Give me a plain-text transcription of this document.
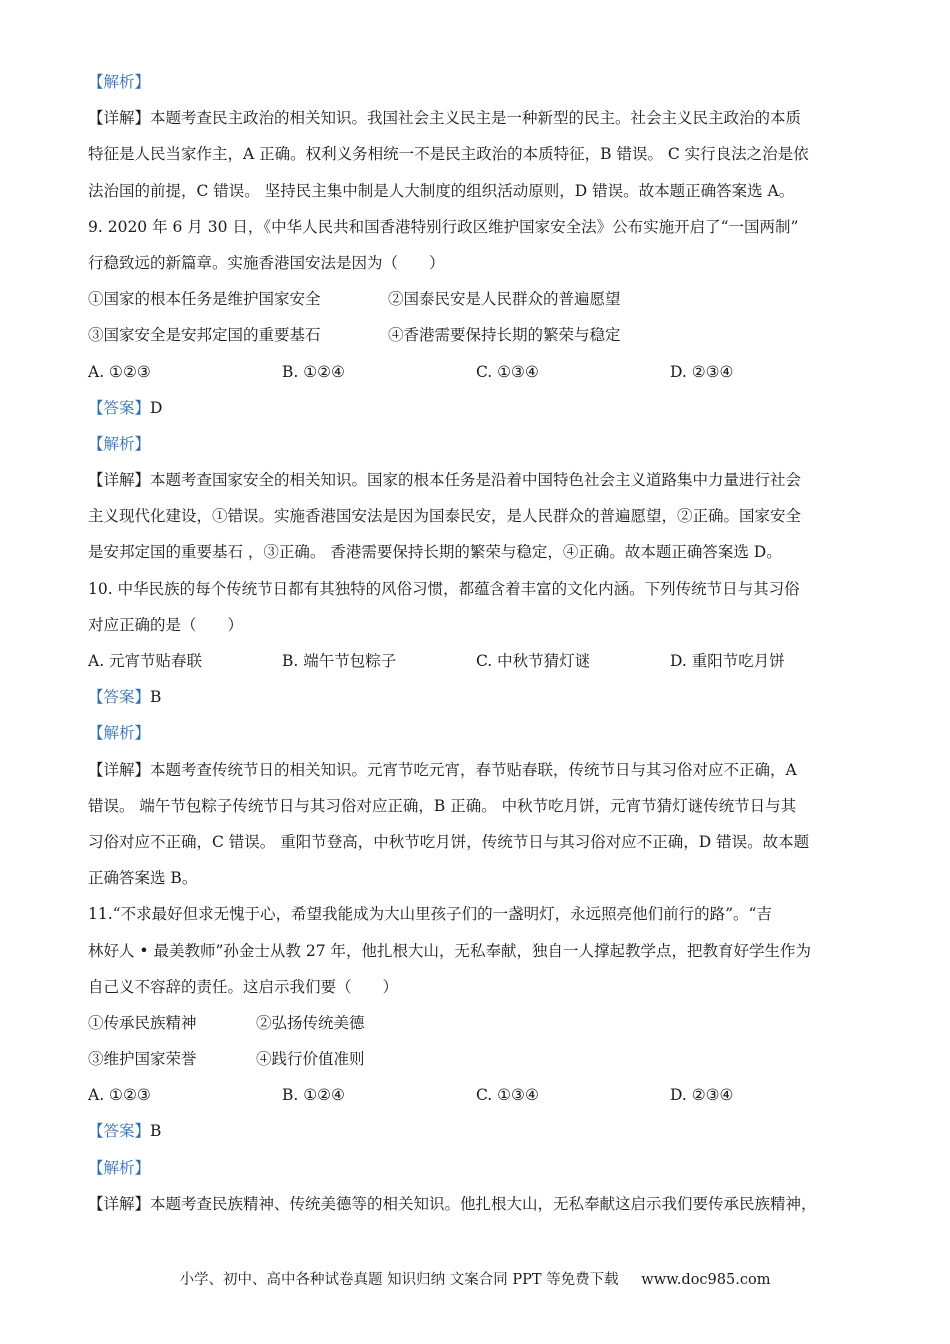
【解析】
【详解】本题考查民主政治的相关知识。我国社会主义民主是一种新型的民主。社会主义民主政治的本质
特征是人民当家作主，A 正确。权利义务相统一不是民主政治的本质特征，B 错误。 C 实行良法之治是依
法治国的前提，C 错误。 坚持民主集中制是人大制度的组织活动原则，D 错误。故本题正确答案选 A。
9. 2020 年 6 月 30 日，《中华人民共和国香港特别行政区维护国家安全法》公布实施开启了“一国两制”
行稳致远的新篇章。实施香港国安法是因为（　　）
①国家的根本任务是维护国家安全	②国泰民安是人民群众的普遍愿望
③国家安全是安邦定国的重要基石	④香港需要保持长期的繁荣与稳定
A. ①②③	B. ①②④	C. ①③④	D. ②③④
【答案】D
【解析】
【详解】本题考查国家安全的相关知识。国家的根本任务是沿着中国特色社会主义道路集中力量进行社会
主义现代化建设，①错误。实施香港国安法是因为国泰民安，是人民群众的普遍愿望，②正确。国家安全
是安邦定国的重要基石 ，③正确。 香港需要保持长期的繁荣与稳定，④正确。故本题正确答案选 D。
10. 中华民族的每个传统节日都有其独特的风俗习惯，都蕴含着丰富的文化内涵。下列传统节日与其习俗
对应正确的是（　　）
A. 元宵节贴春联	B. 端午节包粽子	C. 中秋节猜灯谜	D. 重阳节吃月饼
【答案】B
【解析】
【详解】本题考查传统节日的相关知识。元宵节吃元宵，春节贴春联，传统节日与其习俗对应不正确，A
错误。 端午节包粽子传统节日与其习俗对应正确，B 正确。 中秋节吃月饼，元宵节猜灯谜传统节日与其
习俗对应不正确，C 错误。 重阳节登高，中秋节吃月饼，传统节日与其习俗对应不正确，D 错误。故本题
正确答案选 B。
11.“不求最好但求无愧于心，希望我能成为大山里孩子们的一盏明灯，永远照亮他们前行的路”。“吉
林好人 • 最美教师”孙金士从教 27 年，他扎根大山，无私奉献，独自一人撑起教学点，把教育好学生作为
自己义不容辞的责任。这启示我们要（　　）
①传承民族精神	②弘扬传统美德
③维护国家荣誉	④践行价值准则
A. ①②③	B. ①②④	C. ①③④	D. ②③④
【答案】B
【解析】
【详解】本题考查民族精神、传统美德等的相关知识。他扎根大山，无私奉献这启示我们要传承民族精神，
小学、初中、高中各种试卷真题 知识归纳 文案合同 PPT 等免费下载 www.doc985.com
